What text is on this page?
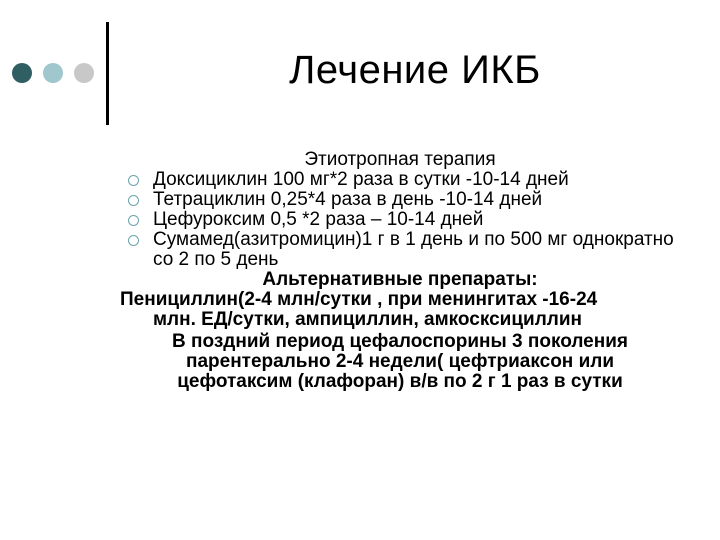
Лечение ИКБ
Этиотропная терапия
Доксициклин 100 мг*2 раза в сутки -10-14 дней
Тетрациклин 0,25*4 раза в день -10-14 дней
Цефуроксим 0,5 *2 раза – 10-14 дней
Сумамед(азитромицин)1 г в 1 день и по 500 мг однократно со 2 по 5 день
Альтернативные препараты:
Пенициллин(2-4 млн/сутки , при менингитах -16-24
млн. ЕД/сутки, ампициллин, амкосксициллин
В поздний период цефалоспорины 3 поколения
парентерально 2-4 недели( цефтриаксон или
цефотаксим (клафоран) в/в по 2 г 1 раз в сутки
